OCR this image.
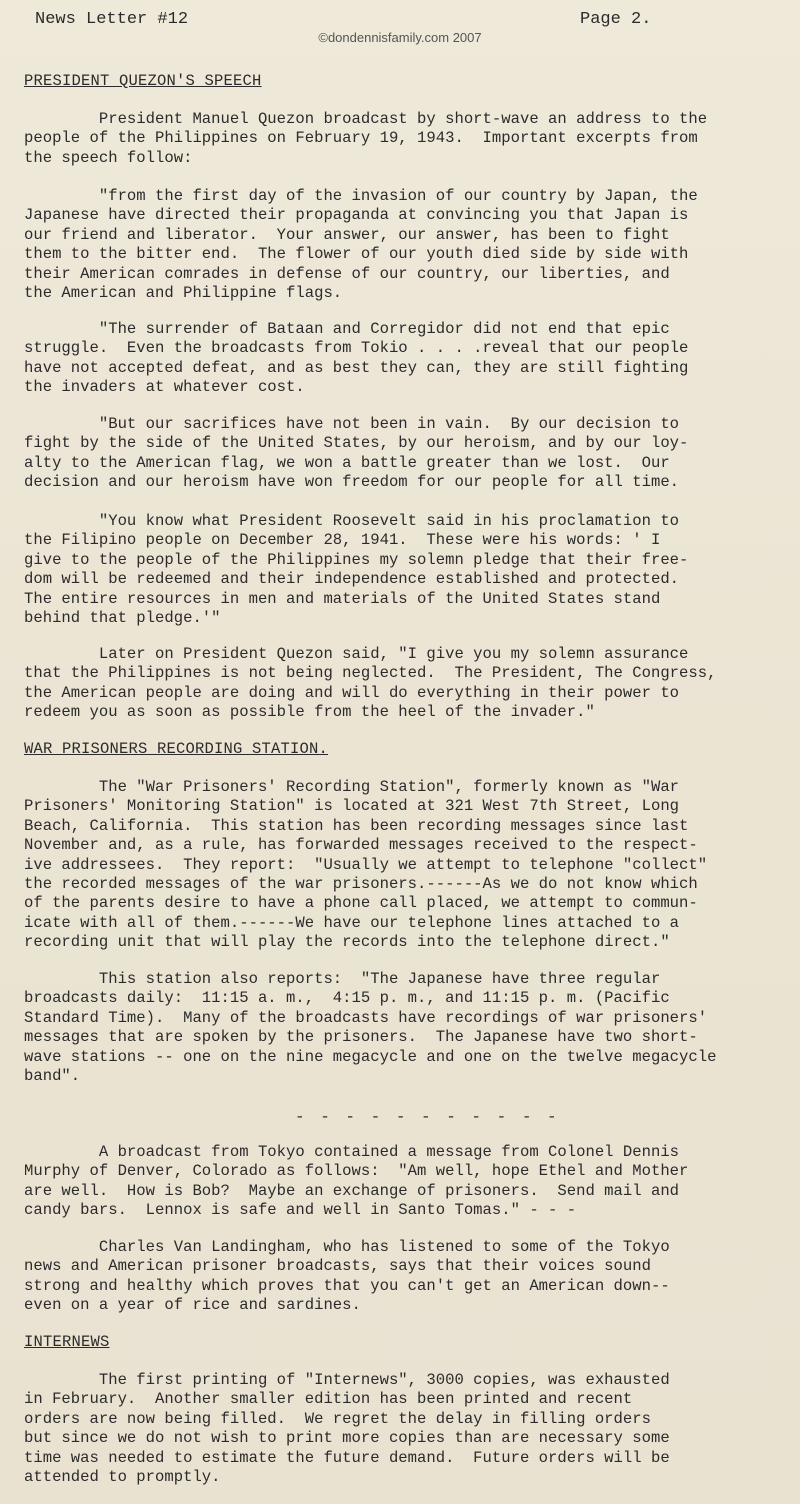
News Letter #12	Page 2.
©dondennisfamily.com 2007
PRESIDENT QUEZON'S SPEECH
President Manuel Quezon broadcast by short-wave an address to the
people of the Philippines on February 19, 1943.  Important excerpts from
the speech follow:
"from the first day of the invasion of our country by Japan, the
Japanese have directed their propaganda at convincing you that Japan is
our friend and liberator.  Your answer, our answer, has been to fight
them to the bitter end.  The flower of our youth died side by side with
their American comrades in defense of our country, our liberties, and
the American and Philippine flags.
"The surrender of Bataan and Corregidor did not end that epic
struggle.  Even the broadcasts from Tokio . . . .reveal that our people
have not accepted defeat, and as best they can, they are still fighting
the invaders at whatever cost.
"But our sacrifices have not been in vain.  By our decision to
fight by the side of the United States, by our heroism, and by our loy-
alty to the American flag, we won a battle greater than we lost.  Our
decision and our heroism have won freedom for our people for all time.
"You know what President Roosevelt said in his proclamation to
the Filipino people on December 28, 1941.  These were his words: ' I
give to the people of the Philippines my solemn pledge that their free-
dom will be redeemed and their independence established and protected.
The entire resources in men and materials of the United States stand
behind that pledge.'"
Later on President Quezon said, "I give you my solemn assurance
that the Philippines is not being neglected.  The President, The Congress,
the American people are doing and will do everything in their power to
redeem you as soon as possible from the heel of the invader."
WAR PRISONERS RECORDING STATION.
The "War Prisoners' Recording Station", formerly known as "War
Prisoners' Monitoring Station" is located at 321 West 7th Street, Long
Beach, California.  This station has been recording messages since last
November and, as a rule, has forwarded messages received to the respect-
ive addressees.  They report:  "Usually we attempt to telephone "collect"
the recorded messages of the war prisoners.------As we do not know which
of the parents desire to have a phone call placed, we attempt to commun-
icate with all of them.------We have our telephone lines attached to a
recording unit that will play the records into the telephone direct."
This station also reports:  "The Japanese have three regular
broadcasts daily:  11:15 a. m.,  4:15 p. m., and 11:15 p. m. (Pacific
Standard Time).  Many of the broadcasts have recordings of war prisoners'
messages that are spoken by the prisoners.  The Japanese have two short-
wave stations -- one on the nine megacycle and one on the twelve megacycle
band".
- - - - - - - - - - -
A broadcast from Tokyo contained a message from Colonel Dennis
Murphy of Denver, Colorado as follows:  "Am well, hope Ethel and Mother
are well.  How is Bob?  Maybe an exchange of prisoners.  Send mail and
candy bars.  Lennox is safe and well in Santo Tomas." - - -
Charles Van Landingham, who has listened to some of the Tokyo
news and American prisoner broadcasts, says that their voices sound
strong and healthy which proves that you can't get an American down--
even on a year of rice and sardines.
INTERNEWS
The first printing of "Internews", 3000 copies, was exhausted
in February.  Another smaller edition has been printed and recent
orders are now being filled.  We regret the delay in filling orders
but since we do not wish to print more copies than are necessary some
time was needed to estimate the future demand.  Future orders will be
attended to promptly.
